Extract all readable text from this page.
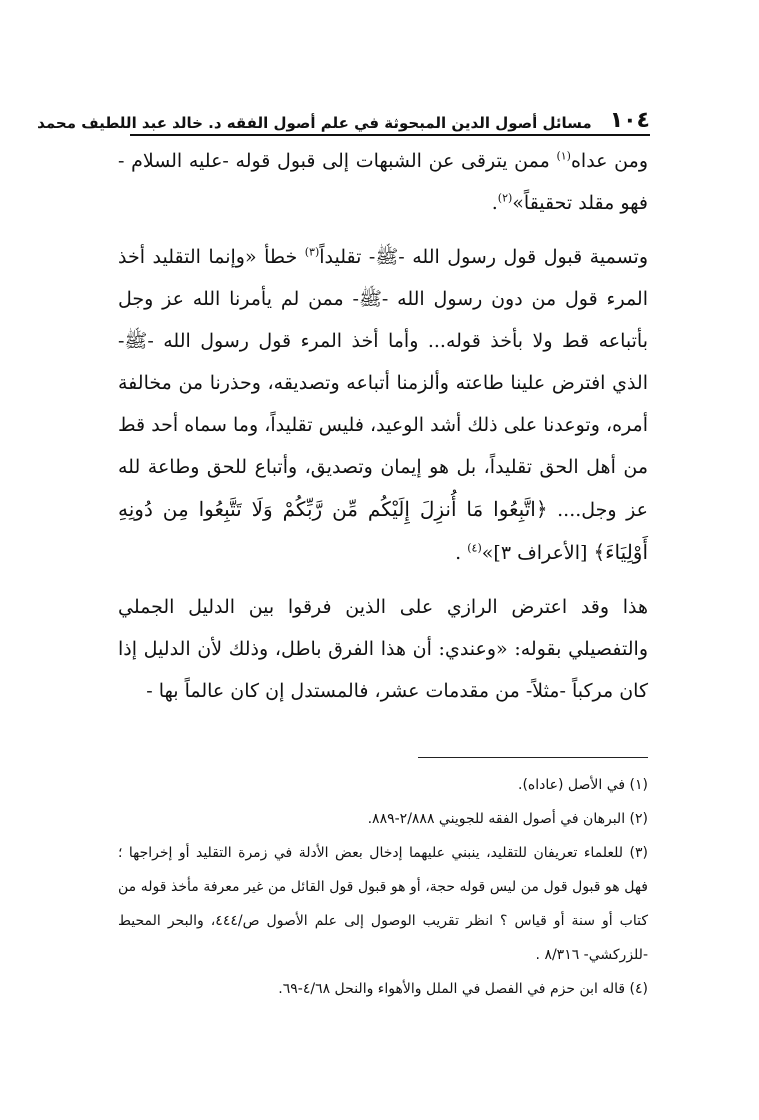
١٠٤
مسائل أصول الدين المبحوثة في علم أصول الفقه د. خالد عبد اللطيف محمد

ومن عداه$^{(١)}$ ممن يترقى عن الشبهات إلى قبول قوله -عليه السلام - فهو مقلد تحقيقاً»$^{(٢)}$.

وتسمية قبول قول رسول الله -ﷺ- تقليداً$^{(٣)}$ خطأ «وإنما التقليد أخذ المرء قول من دون رسول الله -ﷺ- ممن لم يأمرنا الله عز وجل بأتباعه قط ولا بأخذ قوله... وأما أخذ المرء قول رسول الله -ﷺ- الذي افترض علينا طاعته وألزمنا أتباعه وتصديقه، وحذرنا من مخالفة أمره، وتوعدنا على ذلك أشد الوعيد، فليس تقليداً، وما سماه أحد قط من أهل الحق تقليداً، بل هو إيمان وتصديق، وأتباع للحق وطاعة لله عز وجل.... ﴿اتَّبِعُوا مَا أُنزِلَ إِلَيْكُم مِّن رَّبِّكُمْ وَلَا تَتَّبِعُوا مِن دُونِهِ أَوْلِيَاءَ﴾ [الأعراف ٣]»$^{(٤)}$ .

هذا وقد اعترض الرازي على الذين فرقوا بين الدليل الجملي والتفصيلي بقوله: «وعندي: أن هذا الفرق باطل، وذلك لأن الدليل إذا كان مركباً -مثلاً- من مقدمات عشر، فالمستدل إن كان عالماً بها -

(١) في الأصل (عاداه).

(٢) البرهان في أصول الفقه للجويني ٢/٨٨٨-٨٨٩.

(٣) للعلماء تعريفان للتقليد، ينبني عليهما إدخال بعض الأدلة في زمرة التقليد أو إخراجها ؛ فهل هو قبول قول من ليس قوله حجة، أو هو قبول قول القائل من غير معرفة مأخذ قوله من كتاب أو سنة أو قياس ؟ انظر تقريب الوصول إلى علم الأصول ص/٤٤٤، والبحر المحيط -للزركشي- ٨/٣١٦ .

(٤) قاله ابن حزم في الفصل في الملل والأهواء والنحل ٤/٦٨-٦٩.
